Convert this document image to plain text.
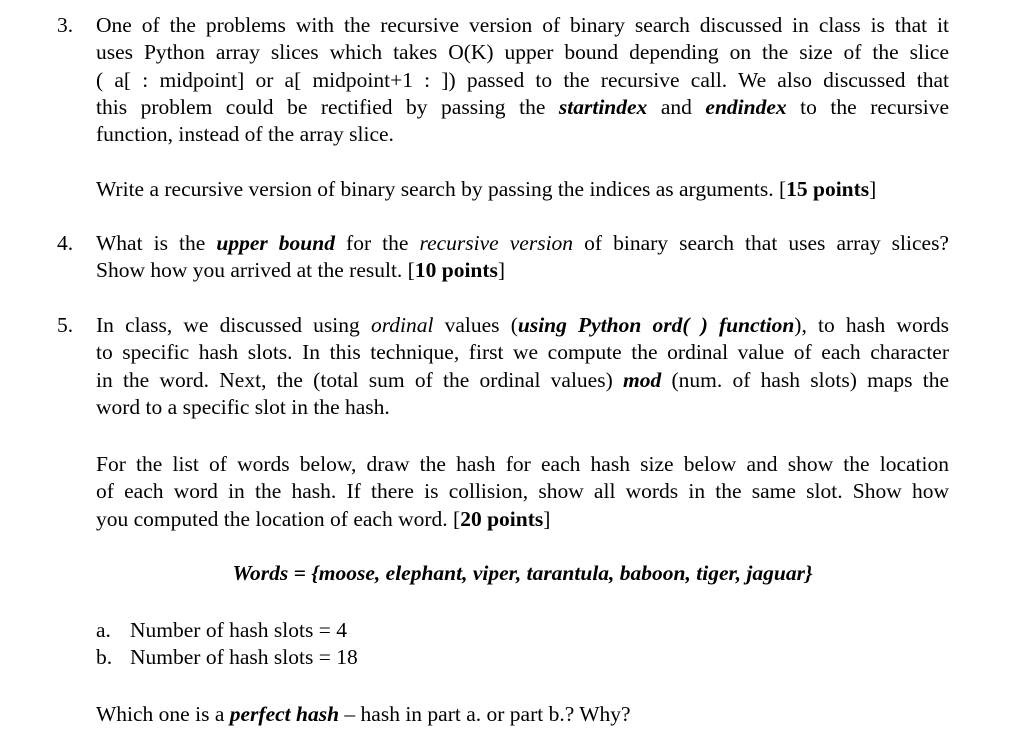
3. One of the problems with the recursive version of binary search discussed in class is that it
uses Python array slices which takes O(K) upper bound depending on the size of the slice
( a[ : midpoint] or a[ midpoint+1 : ]) passed to the recursive call. We also discussed that
this problem could be rectified by passing the startindex and endindex to the recursive
function, instead of the array slice.
Write a recursive version of binary search by passing the indices as arguments. [15 points]
4. What is the upper bound for the recursive version of binary search that uses array slices?
Show how you arrived at the result. [10 points]
5. In class, we discussed using ordinal values (using Python ord( ) function), to hash words
to specific hash slots. In this technique, first we compute the ordinal value of each character
in the word. Next, the (total sum of the ordinal values) mod (num. of hash slots) maps the
word to a specific slot in the hash.
For the list of words below, draw the hash for each hash size below and show the location
of each word in the hash. If there is collision, show all words in the same slot. Show how
you computed the location of each word. [20 points]
Words = {moose, elephant, viper, tarantula, baboon, tiger, jaguar}
a. Number of hash slots = 4
b. Number of hash slots = 18
Which one is a perfect hash – hash in part a. or part b.? Why?
